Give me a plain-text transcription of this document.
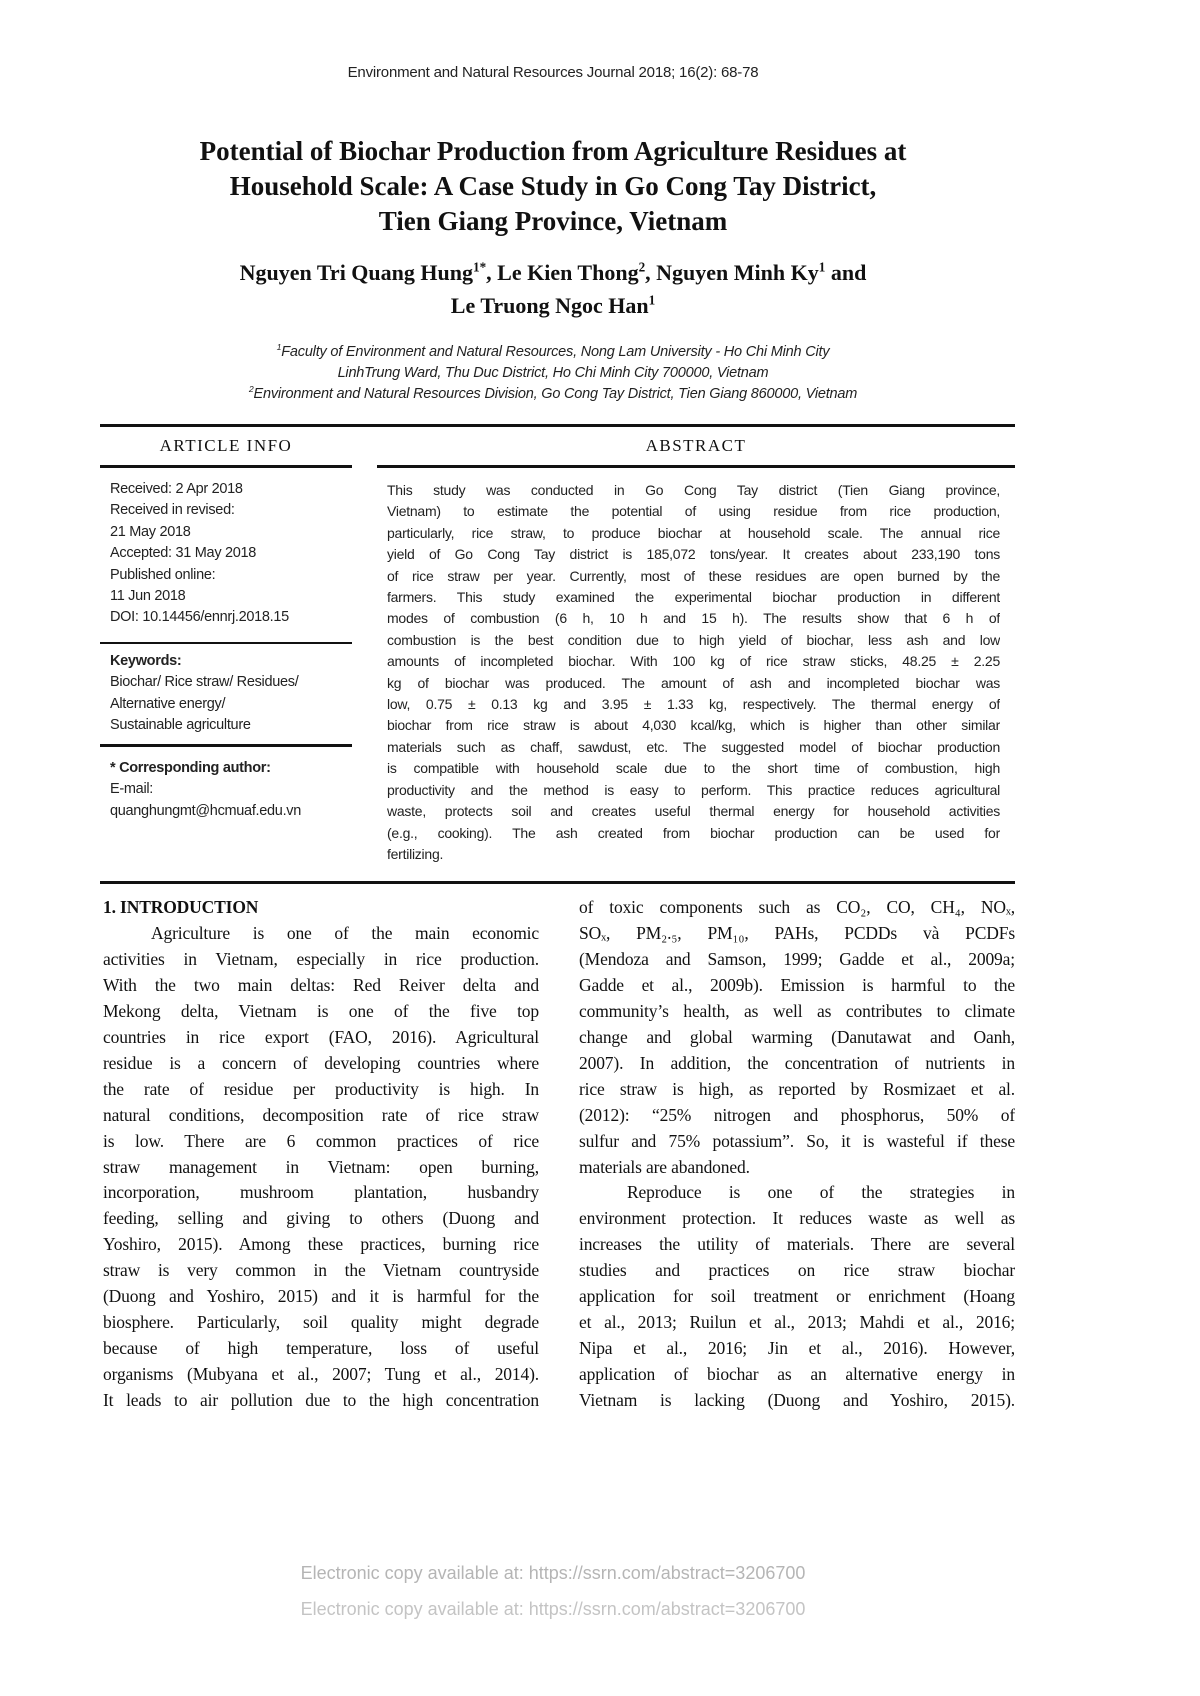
Environment and Natural Resources Journal 2018; 16(2): 68-78
Potential of Biochar Production from Agriculture Residues at
Household Scale: A Case Study in Go Cong Tay District,
Tien Giang Province, Vietnam
Nguyen Tri Quang Hung$^{1*}$, Le Kien Thong$^2$, Nguyen Minh Ky$^1$ and
Le Truong Ngoc Han$^1$
$^1$Faculty of Environment and Natural Resources, Nong Lam University - Ho Chi Minh City
LinhTrung Ward, Thu Duc District, Ho Chi Minh City 700000, Vietnam
$^2$Environment and Natural Resources Division, Go Cong Tay District, Tien Giang 860000, Vietnam
ARTICLE INFO	ABSTRACT
Received: 2 Apr 2018
Received in revised:
21 May 2018
Accepted: 31 May 2018
Published online:
11 Jun 2018
DOI: 10.14456/ennrj.2018.15
Keywords:
Biochar/ Rice straw/ Residues/
Alternative energy/
Sustainable agriculture
* Corresponding author:
E-mail:
quanghungmt@hcmuaf.edu.vn
This study was conducted in Go Cong Tay district (Tien Giang province,
Vietnam) to estimate the potential of using residue from rice production,
particularly, rice straw, to produce biochar at household scale. The annual rice
yield of Go Cong Tay district is 185,072 tons/year. It creates about 233,190 tons
of rice straw per year. Currently, most of these residues are open burned by the
farmers. This study examined the experimental biochar production in different
modes of combustion (6 h, 10 h and 15 h). The results show that 6 h of
combustion is the best condition due to high yield of biochar, less ash and low
amounts of incompleted biochar. With 100 kg of rice straw sticks, 48.25 ± 2.25
kg of biochar was produced. The amount of ash and incompleted biochar was
low, 0.75 ± 0.13 kg and 3.95 ± 1.33 kg, respectively. The thermal energy of
biochar from rice straw is about 4,030 kcal/kg, which is higher than other similar
materials such as chaff, sawdust, etc. The suggested model of biochar production
is compatible with household scale due to the short time of combustion, high
productivity and the method is easy to perform. This practice reduces agricultural
waste, protects soil and creates useful thermal energy for household activities
(e.g., cooking). The ash created from biochar production can be used for
fertilizing.
1. INTRODUCTION
Agriculture is one of the main economic
activities in Vietnam, especially in rice production.
With the two main deltas: Red Reiver delta and
Mekong delta, Vietnam is one of the five top
countries in rice export (FAO, 2016). Agricultural
residue is a concern of developing countries where
the rate of residue per productivity is high. In
natural conditions, decomposition rate of rice straw
is low. There are 6 common practices of rice
straw management in Vietnam: open burning,
incorporation, mushroom plantation, husbandry
feeding, selling and giving to others (Duong and
Yoshiro, 2015). Among these practices, burning rice
straw is very common in the Vietnam countryside
(Duong and Yoshiro, 2015) and it is harmful for the
biosphere. Particularly, soil quality might degrade
because of high temperature, loss of useful
organisms (Mubyana et al., 2007; Tung et al., 2014).
It leads to air pollution due to the high concentration
of toxic components such as CO₂, CO, CH₄, NOₓ,
SOₓ, PM₂.₅, PM₁₀, PAHs, PCDDs và PCDFs
(Mendoza and Samson, 1999; Gadde et al., 2009a;
Gadde et al., 2009b). Emission is harmful to the
community’s health, as well as contributes to climate
change and global warming (Danutawat and Oanh,
2007). In addition, the concentration of nutrients in
rice straw is high, as reported by Rosmizaet et al.
(2012): “25% nitrogen and phosphorus, 50% of
sulfur and 75% potassium”. So, it is wasteful if these
materials are abandoned.
Reproduce is one of the strategies in
environment protection. It reduces waste as well as
increases the utility of materials. There are several
studies and practices on rice straw biochar
application for soil treatment or enrichment (Hoang
et al., 2013; Ruilun et al., 2013; Mahdi et al., 2016;
Nipa et al., 2016; Jin et al., 2016). However,
application of biochar as an alternative energy in
Vietnam is lacking (Duong and Yoshiro, 2015).
Electronic copy available at: https://ssrn.com/abstract=3206700
Electronic copy available at: https://ssrn.com/abstract=3206700
